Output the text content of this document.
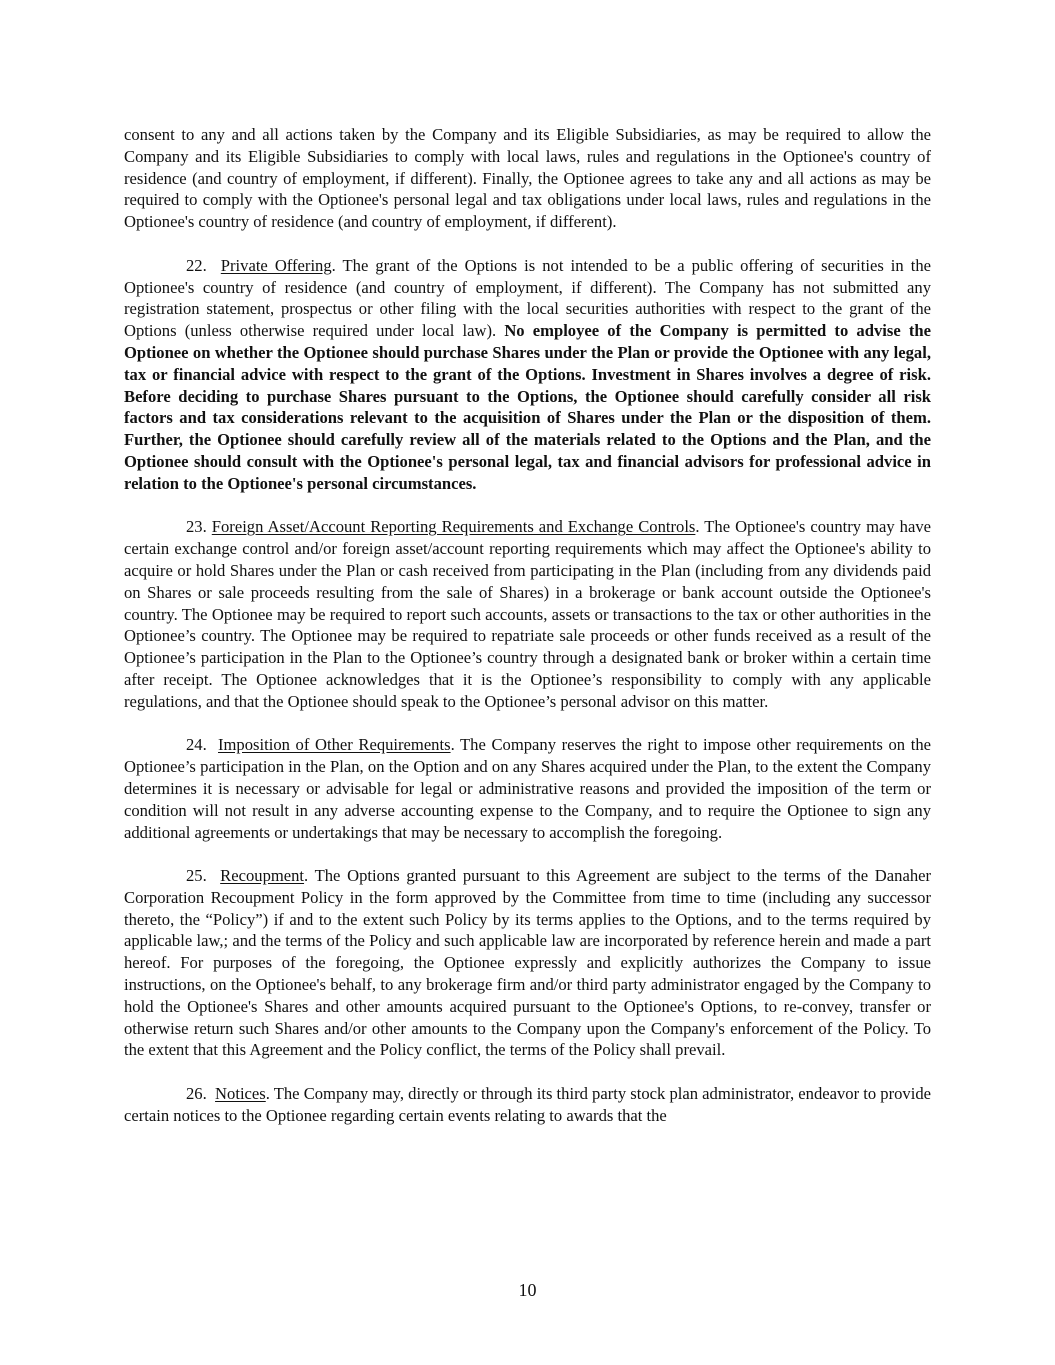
consent to any and all actions taken by the Company and its Eligible Subsidiaries, as may be required to allow the Company and its Eligible Subsidiaries to comply with local laws, rules and regulations in the Optionee's country of residence (and country of employment, if different). Finally, the Optionee agrees to take any and all actions as may be required to comply with the Optionee's personal legal and tax obligations under local laws, rules and regulations in the Optionee's country of residence (and country of employment, if different).

22. Private Offering. The grant of the Options is not intended to be a public offering of securities in the Optionee's country of residence (and country of employment, if different). The Company has not submitted any registration statement, prospectus or other filing with the local securities authorities with respect to the grant of the Options (unless otherwise required under local law). No employee of the Company is permitted to advise the Optionee on whether the Optionee should purchase Shares under the Plan or provide the Optionee with any legal, tax or financial advice with respect to the grant of the Options. Investment in Shares involves a degree of risk. Before deciding to purchase Shares pursuant to the Options, the Optionee should carefully consider all risk factors and tax considerations relevant to the acquisition of Shares under the Plan or the disposition of them. Further, the Optionee should carefully review all of the materials related to the Options and the Plan, and the Optionee should consult with the Optionee's personal legal, tax and financial advisors for professional advice in relation to the Optionee's personal circumstances.

23. Foreign Asset/Account Reporting Requirements and Exchange Controls. The Optionee's country may have certain exchange control and/or foreign asset/account reporting requirements which may affect the Optionee's ability to acquire or hold Shares under the Plan or cash received from participating in the Plan (including from any dividends paid on Shares or sale proceeds resulting from the sale of Shares) in a brokerage or bank account outside the Optionee's country. The Optionee may be required to report such accounts, assets or transactions to the tax or other authorities in the Optionee’s country. The Optionee may be required to repatriate sale proceeds or other funds received as a result of the Optionee’s participation in the Plan to the Optionee’s country through a designated bank or broker within a certain time after receipt. The Optionee acknowledges that it is the Optionee’s responsibility to comply with any applicable regulations, and that the Optionee should speak to the Optionee’s personal advisor on this matter.

24. Imposition of Other Requirements. The Company reserves the right to impose other requirements on the Optionee’s participation in the Plan, on the Option and on any Shares acquired under the Plan, to the extent the Company determines it is necessary or advisable for legal or administrative reasons and provided the imposition of the term or condition will not result in any adverse accounting expense to the Company, and to require the Optionee to sign any additional agreements or undertakings that may be necessary to accomplish the foregoing.

25. Recoupment. The Options granted pursuant to this Agreement are subject to the terms of the Danaher Corporation Recoupment Policy in the form approved by the Committee from time to time (including any successor thereto, the “Policy”) if and to the extent such Policy by its terms applies to the Options, and to the terms required by applicable law,; and the terms of the Policy and such applicable law are incorporated by reference herein and made a part hereof. For purposes of the foregoing, the Optionee expressly and explicitly authorizes the Company to issue instructions, on the Optionee's behalf, to any brokerage firm and/or third party administrator engaged by the Company to hold the Optionee's Shares and other amounts acquired pursuant to the Optionee's Options, to re-convey, transfer or otherwise return such Shares and/or other amounts to the Company upon the Company's enforcement of the Policy. To the extent that this Agreement and the Policy conflict, the terms of the Policy shall prevail.

26. Notices. The Company may, directly or through its third party stock plan administrator, endeavor to provide certain notices to the Optionee regarding certain events relating to awards that the

10
